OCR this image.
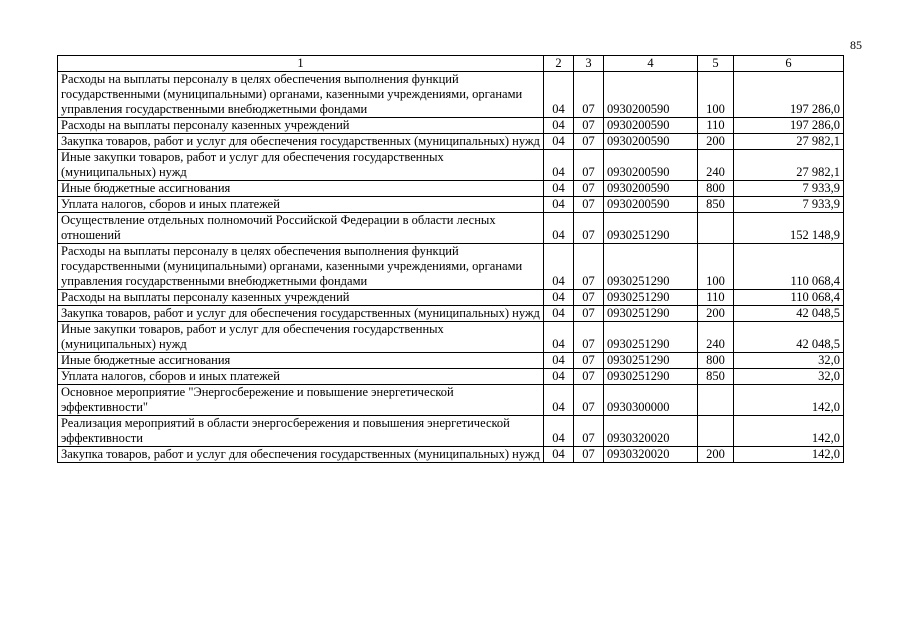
85
1	2	3	4	5	6
Расходы на выплаты персоналу в целях обеспечения выполнения функций государственными (муниципальными) органами, казенными учреждениями, органами управления государственными внебюджетными фондами	04	07	0930200590	100	197 286,0
Расходы на выплаты персоналу казенных учреждений	04	07	0930200590	110	197 286,0
Закупка товаров, работ и услуг для обеспечения государственных (муниципальных) нужд	04	07	0930200590	200	27 982,1
Иные закупки товаров, работ и услуг для обеспечения государственных (муниципальных) нужд	04	07	0930200590	240	27 982,1
Иные бюджетные ассигнования	04	07	0930200590	800	7 933,9
Уплата налогов, сборов и иных платежей	04	07	0930200590	850	7 933,9
Осуществление отдельных полномочий Российской Федерации в области лесных отношений	04	07	0930251290		152 148,9
Расходы на выплаты персоналу в целях обеспечения выполнения функций государственными (муниципальными) органами, казенными учреждениями, органами управления государственными внебюджетными фондами	04	07	0930251290	100	110 068,4
Расходы на выплаты персоналу казенных учреждений	04	07	0930251290	110	110 068,4
Закупка товаров, работ и услуг для обеспечения государственных (муниципальных) нужд	04	07	0930251290	200	42 048,5
Иные закупки товаров, работ и услуг для обеспечения государственных (муниципальных) нужд	04	07	0930251290	240	42 048,5
Иные бюджетные ассигнования	04	07	0930251290	800	32,0
Уплата налогов, сборов и иных платежей	04	07	0930251290	850	32,0
Основное мероприятие "Энергосбережение и повышение энергетической эффективности"	04	07	0930300000		142,0
Реализация мероприятий в области энергосбережения и повышения энергетической эффективности	04	07	0930320020		142,0
Закупка товаров, работ и услуг для обеспечения государственных (муниципальных) нужд	04	07	0930320020	200	142,0
